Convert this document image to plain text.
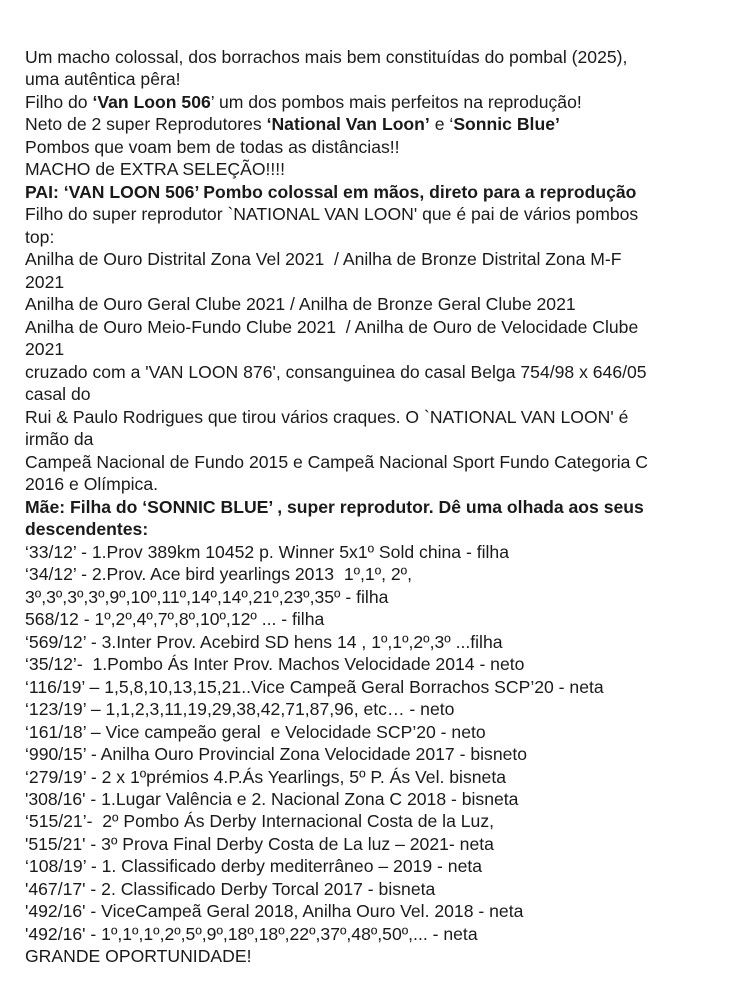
Um macho colossal, dos borrachos mais bem constituídas do pombal (2025),
uma autêntica pêra!
Filho do ‘Van Loon 506’ um dos pombos mais perfeitos na reprodução!
Neto de 2 super Reprodutores ‘National Van Loon’ e ‘Sonnic Blue’
Pombos que voam bem de todas as distâncias!!
MACHO de EXTRA SELEÇÃO!!!!
PAI: ‘VAN LOON 506’ Pombo colossal em mãos, direto para a reprodução
Filho do super reprodutor `NATIONAL VAN LOON' que é pai de vários pombos
top:
Anilha de Ouro Distrital Zona Vel 2021  / Anilha de Bronze Distrital Zona M-F
2021
Anilha de Ouro Geral Clube 2021 / Anilha de Bronze Geral Clube 2021
Anilha de Ouro Meio-Fundo Clube 2021  / Anilha de Ouro de Velocidade Clube
2021
cruzado com a 'VAN LOON 876', consanguinea do casal Belga 754/98 x 646/05
casal do
Rui & Paulo Rodrigues que tirou vários craques. O `NATIONAL VAN LOON' é
irmão da
Campeã Nacional de Fundo 2015 e Campeã Nacional Sport Fundo Categoria C
2016 e Olímpica.
Mãe: Filha do ‘SONNIC BLUE’ , super reprodutor. Dê uma olhada aos seus
descendentes:
‘33/12’ - 1.Prov 389km 10452 p. Winner 5x1º Sold china - filha
‘34/12’ - 2.Prov. Ace bird yearlings 2013  1º,1º, 2º,
3º,3º,3º,3º,9º,10º,11º,14º,14º,21º,23º,35º - filha
568/12 - 1º,2º,4º,7º,8º,10º,12º ... - filha
‘569/12’ - 3.Inter Prov. Acebird SD hens 14 , 1º,1º,2º,3º ...filha
‘35/12’-  1.Pombo Ás Inter Prov. Machos Velocidade 2014 - neto
‘116/19’ – 1,5,8,10,13,15,21..Vice Campeã Geral Borrachos SCP’20 - neta
‘123/19’ – 1,1,2,3,11,19,29,38,42,71,87,96, etc… - neto
‘161/18’ – Vice campeão geral  e Velocidade SCP’20 - neto
‘990/15’ - Anilha Ouro Provincial Zona Velocidade 2017 - bisneto
‘279/19’ - 2 x 1ºprémios 4.P.Ás Yearlings, 5º P. Ás Vel. bisneta
'308/16' - 1.Lugar Valência e 2. Nacional Zona C 2018 - bisneta
‘515/21’-  2º Pombo Ás Derby Internacional Costa de la Luz,
'515/21' - 3º Prova Final Derby Costa de La luz – 2021- neta
‘108/19’ - 1. Classificado derby mediterrâneo – 2019 - neta
'467/17' - 2. Classificado Derby Torcal 2017 - bisneta
'492/16' - ViceCampeã Geral 2018, Anilha Ouro Vel. 2018 - neta
'492/16' - 1º,1º,1º,2º,5º,9º,18º,18º,22º,37º,48º,50º,... - neta
GRANDE OPORTUNIDADE!
